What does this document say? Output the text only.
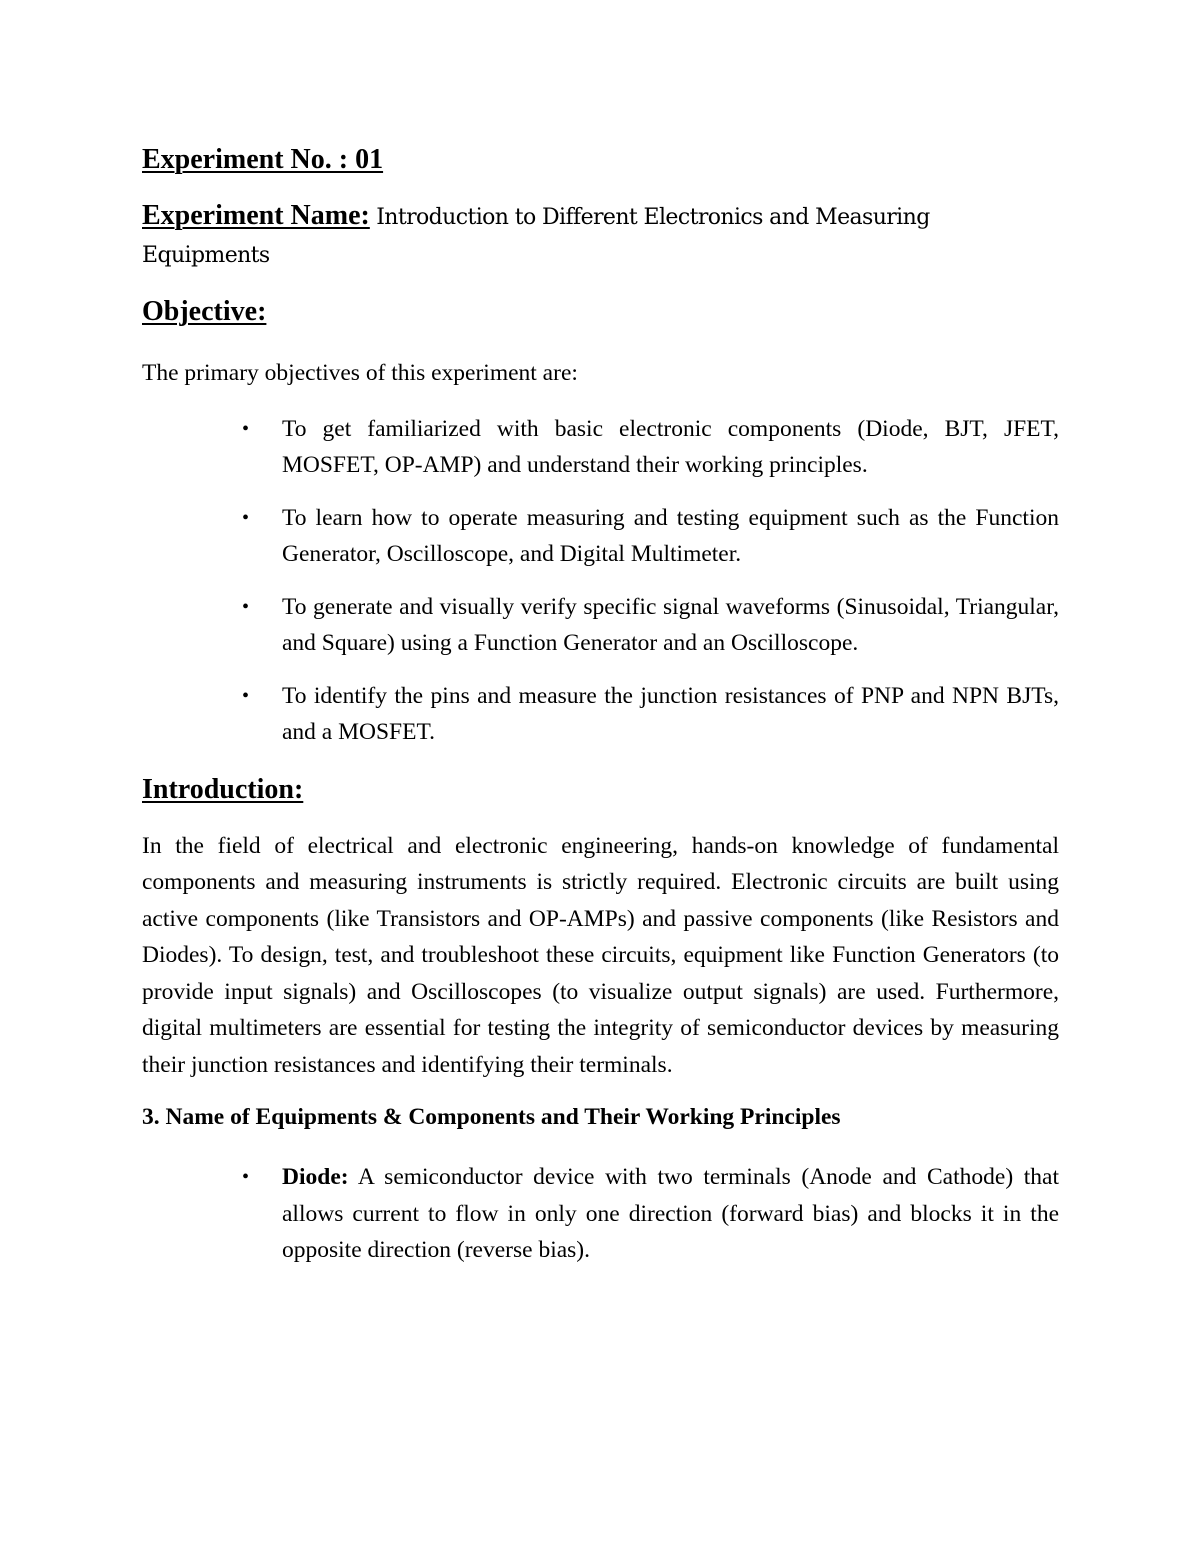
Experiment No. : 01

Experiment Name: Introduction to Different Electronics and Measuring Equipments

Objective:

The primary objectives of this experiment are:

• To get familiarized with basic electronic components (Diode, BJT, JFET, MOSFET, OP-AMP) and understand their working principles.
• To learn how to operate measuring and testing equipment such as the Function Generator, Oscilloscope, and Digital Multimeter.
• To generate and visually verify specific signal waveforms (Sinusoidal, Triangular, and Square) using a Function Generator and an Oscilloscope.
• To identify the pins and measure the junction resistances of PNP and NPN BJTs, and a MOSFET.

Introduction:

In the field of electrical and electronic engineering, hands-on knowledge of fundamental components and measuring instruments is strictly required. Electronic circuits are built using active components (like Transistors and OP-AMPs) and passive components (like Resistors and Diodes). To design, test, and troubleshoot these circuits, equipment like Function Generators (to provide input signals) and Oscilloscopes (to visualize output signals) are used. Furthermore, digital multimeters are essential for testing the integrity of semiconductor devices by measuring their junction resistances and identifying their terminals.

3. Name of Equipments & Components and Their Working Principles

• Diode: A semiconductor device with two terminals (Anode and Cathode) that allows current to flow in only one direction (forward bias) and blocks it in the opposite direction (reverse bias).
